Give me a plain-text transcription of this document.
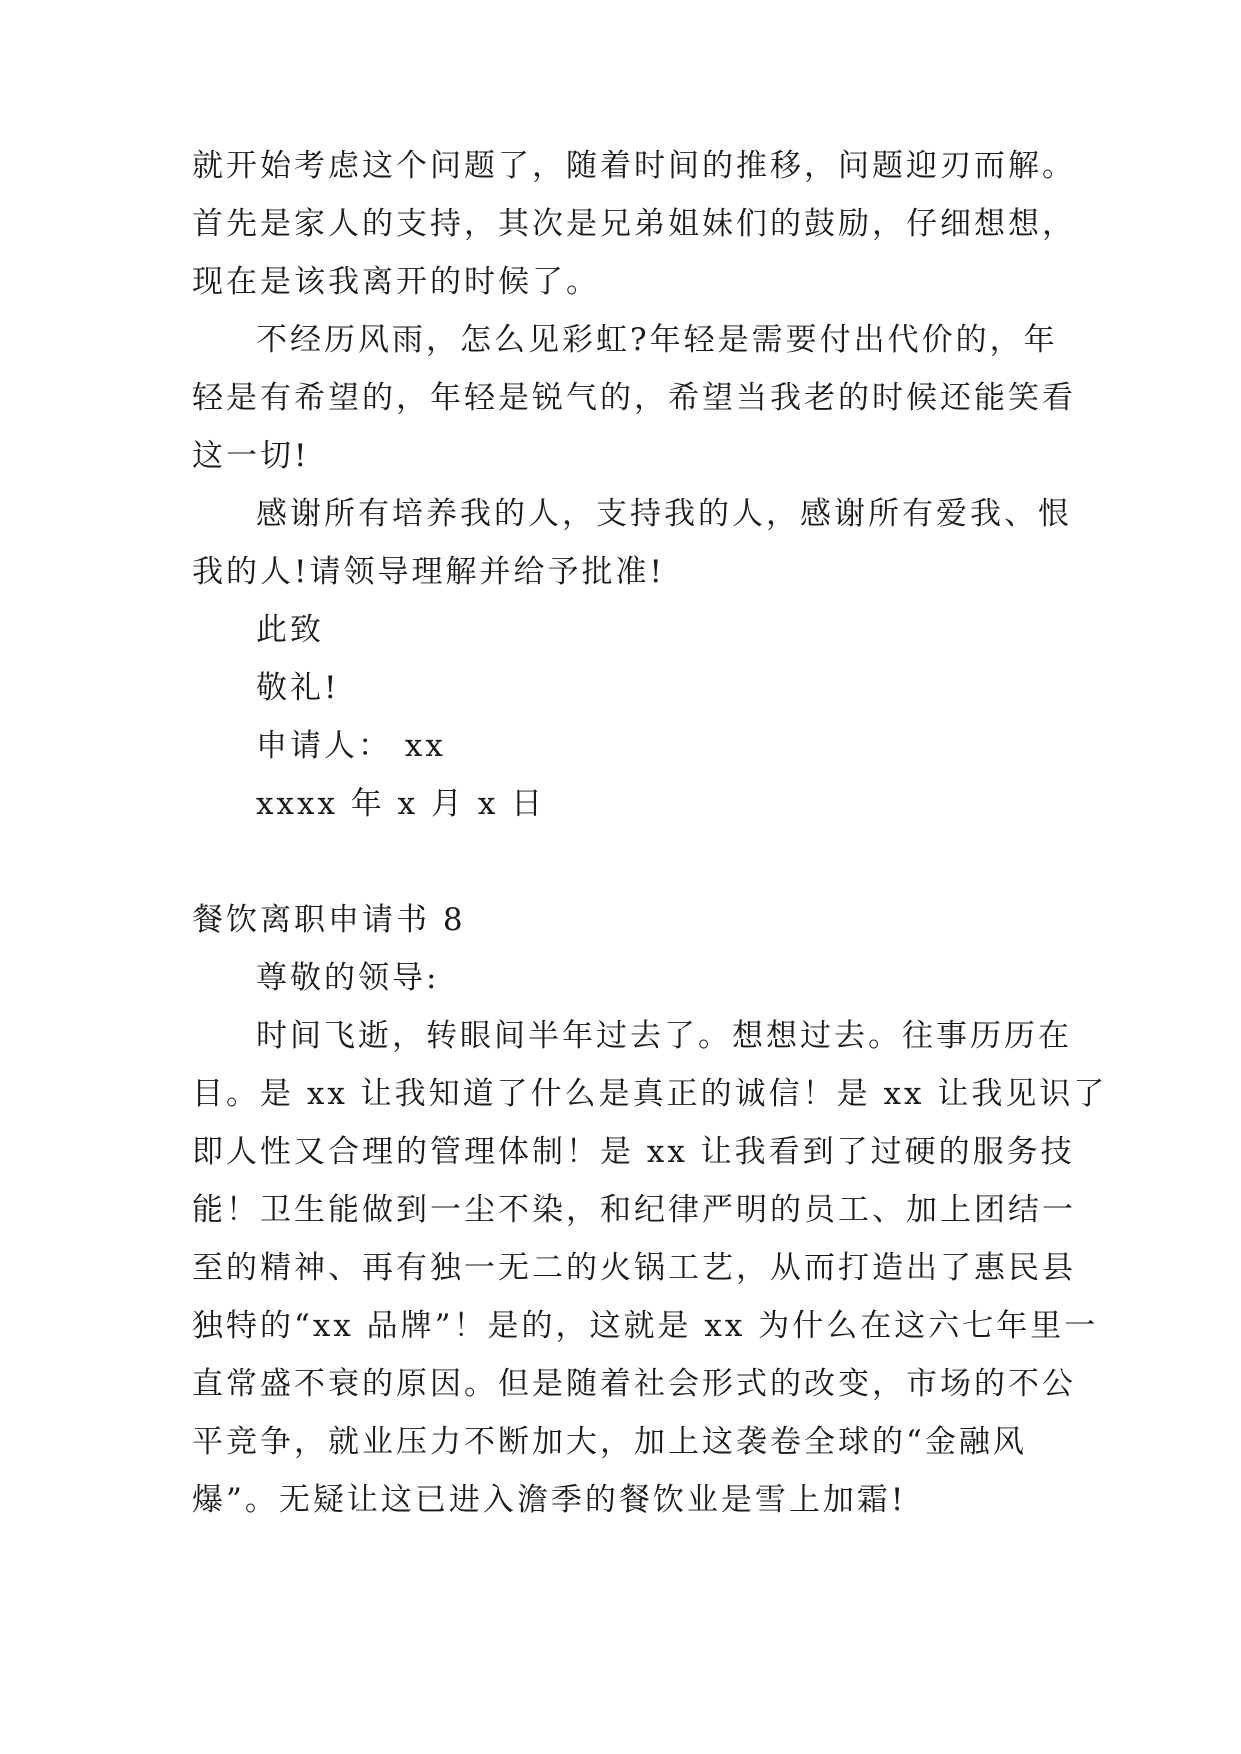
就开始考虑这个问题了，随着时间的推移，问题迎刃而解。
首先是家人的支持，其次是兄弟姐妹们的鼓励，仔细想想，
现在是该我离开的时候了。
不经历风雨，怎么见彩虹?年轻是需要付出代价的，年
轻是有希望的，年轻是锐气的，希望当我老的时候还能笑看
这一切!
感谢所有培养我的人，支持我的人，感谢所有爱我、恨
我的人!请领导理解并给予批准!
此致
敬礼!
申请人： xx
xxxx 年 x 月 x 日
餐饮离职申请书 8
尊敬的领导:
时间飞逝，转眼间半年过去了。想想过去。往事历历在
目。是 xx 让我知道了什么是真正的诚信！是 xx 让我见识了
即人性又合理的管理体制！是 xx 让我看到了过硬的服务技
能！卫生能做到一尘不染，和纪律严明的员工、加上团结一
至的精神、再有独一无二的火锅工艺，从而打造出了惠民县
独特的“xx 品牌”！是的，这就是 xx 为什么在这六七年里一
直常盛不衰的原因。但是随着社会形式的改变，市场的不公
平竞争，就业压力不断加大，加上这袭卷全球的“金融风
爆”。无疑让这已进入澹季的餐饮业是雪上加霜!
